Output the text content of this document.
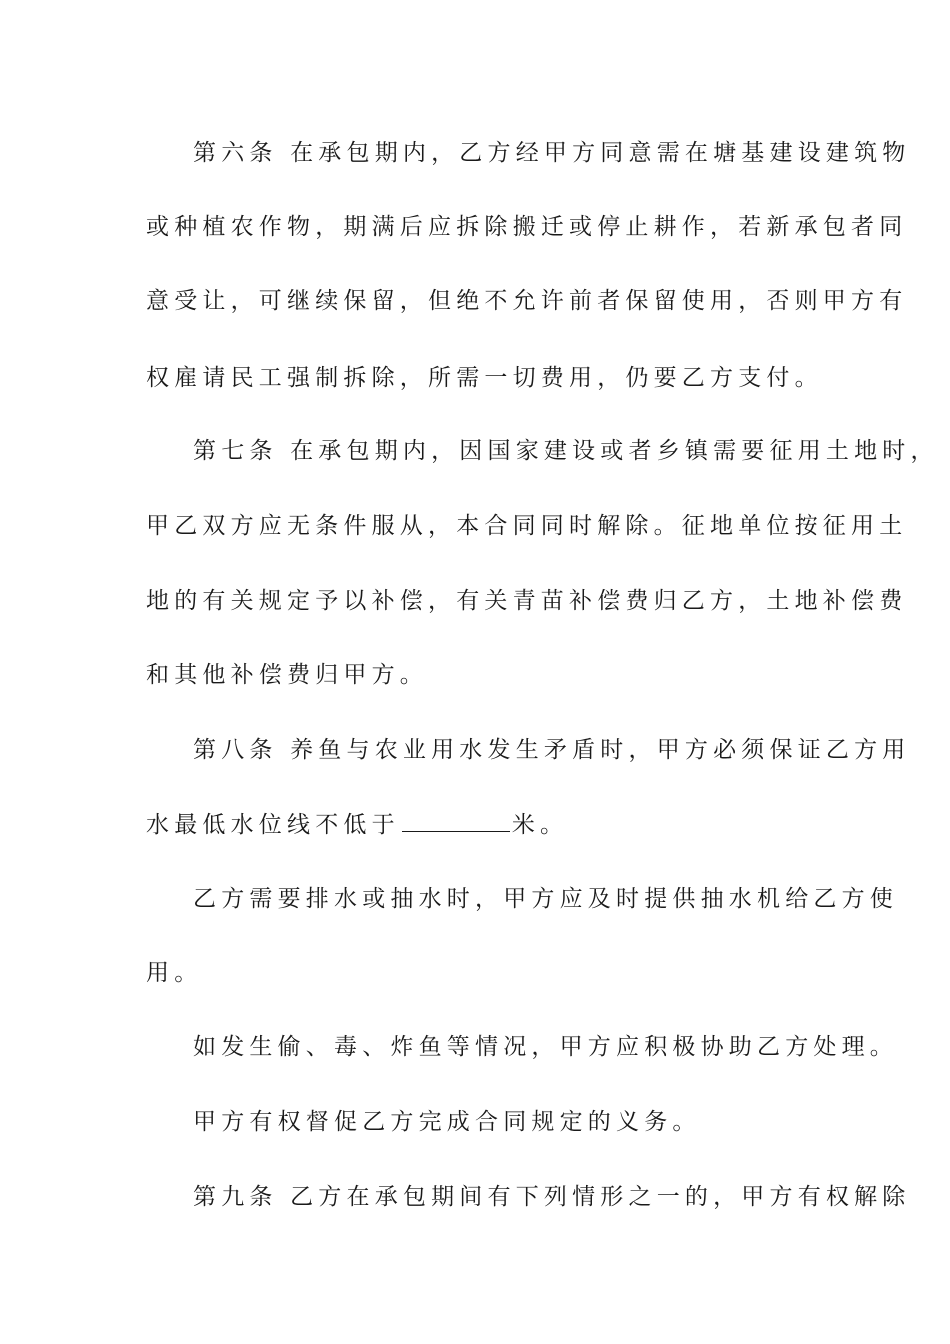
第六条 在承包期内，乙方经甲方同意需在塘基建设建筑物
或种植农作物，期满后应拆除搬迁或停止耕作，若新承包者同
意受让，可继续保留，但绝不允许前者保留使用，否则甲方有
权雇请民工强制拆除，所需一切费用，仍要乙方支付。
第七条 在承包期内，因国家建设或者乡镇需要征用土地时，
甲乙双方应无条件服从，本合同同时解除。征地单位按征用土
地的有关规定予以补偿，有关青苗补偿费归乙方，土地补偿费
和其他补偿费归甲方。
第八条 养鱼与农业用水发生矛盾时，甲方必须保证乙方用
水最低水位线不低于	米。
乙方需要排水或抽水时，甲方应及时提供抽水机给乙方使
用。
如发生偷、毒、炸鱼等情况，甲方应积极协助乙方处理。
甲方有权督促乙方完成合同规定的义务。
第九条 乙方在承包期间有下列情形之一的，甲方有权解除
